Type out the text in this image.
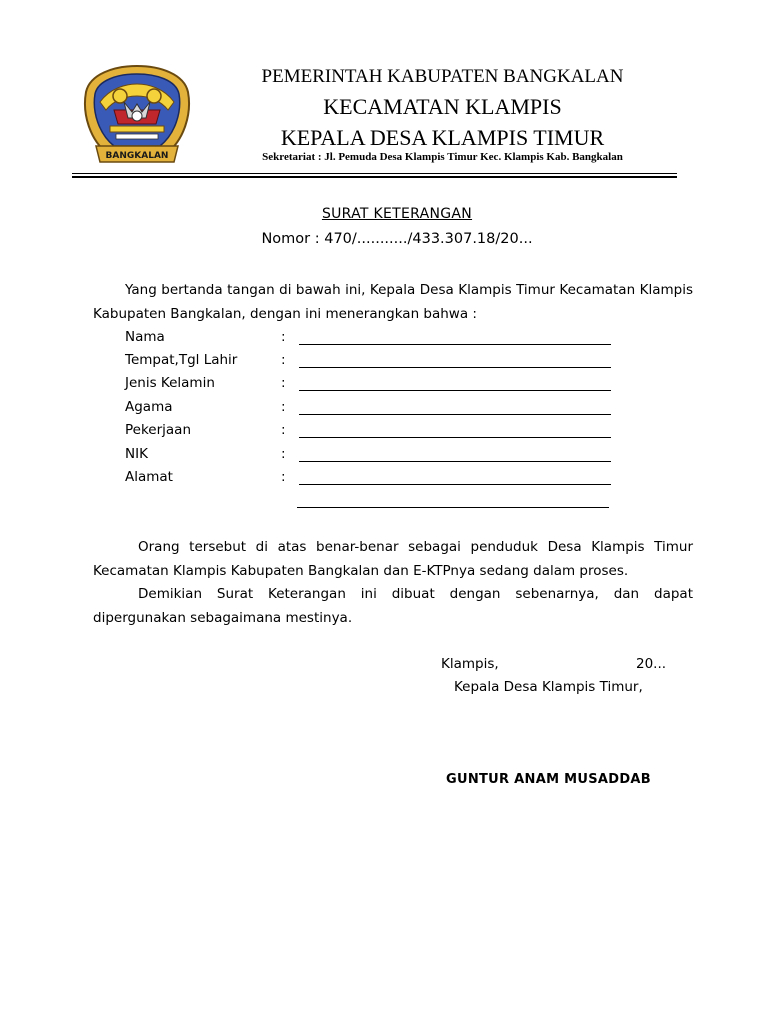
BANGKALAN
PEMERINTAH KABUPATEN BANGKALAN
KECAMATAN KLAMPIS
KEPALA DESA KLAMPIS TIMUR
Sekretariat : Jl. Pemuda Desa Klampis Timur Kec. Klampis Kab. Bangkalan
SURAT KETERANGAN
Nomor : 470/.........../433.307.18/20...
Yang bertanda tangan di bawah ini, Kepala Desa Klampis Timur Kecamatan Klampis Kabupaten Bangkalan, dengan ini menerangkan bahwa :
Nama	:
Tempat,Tgl Lahir	:
Jenis Kelamin	:
Agama	:
Pekerjaan	:
NIK	:
Alamat	:
Orang tersebut di atas benar-benar sebagai penduduk Desa Klampis Timur Kecamatan Klampis Kabupaten Bangkalan dan E-KTPnya sedang dalam proses.
Demikian Surat Keterangan ini dibuat dengan sebenarnya, dan dapat dipergunakan sebagaimana mestinya.
Klampis,	20...
Kepala Desa Klampis Timur,
GUNTUR ANAM MUSADDAB
